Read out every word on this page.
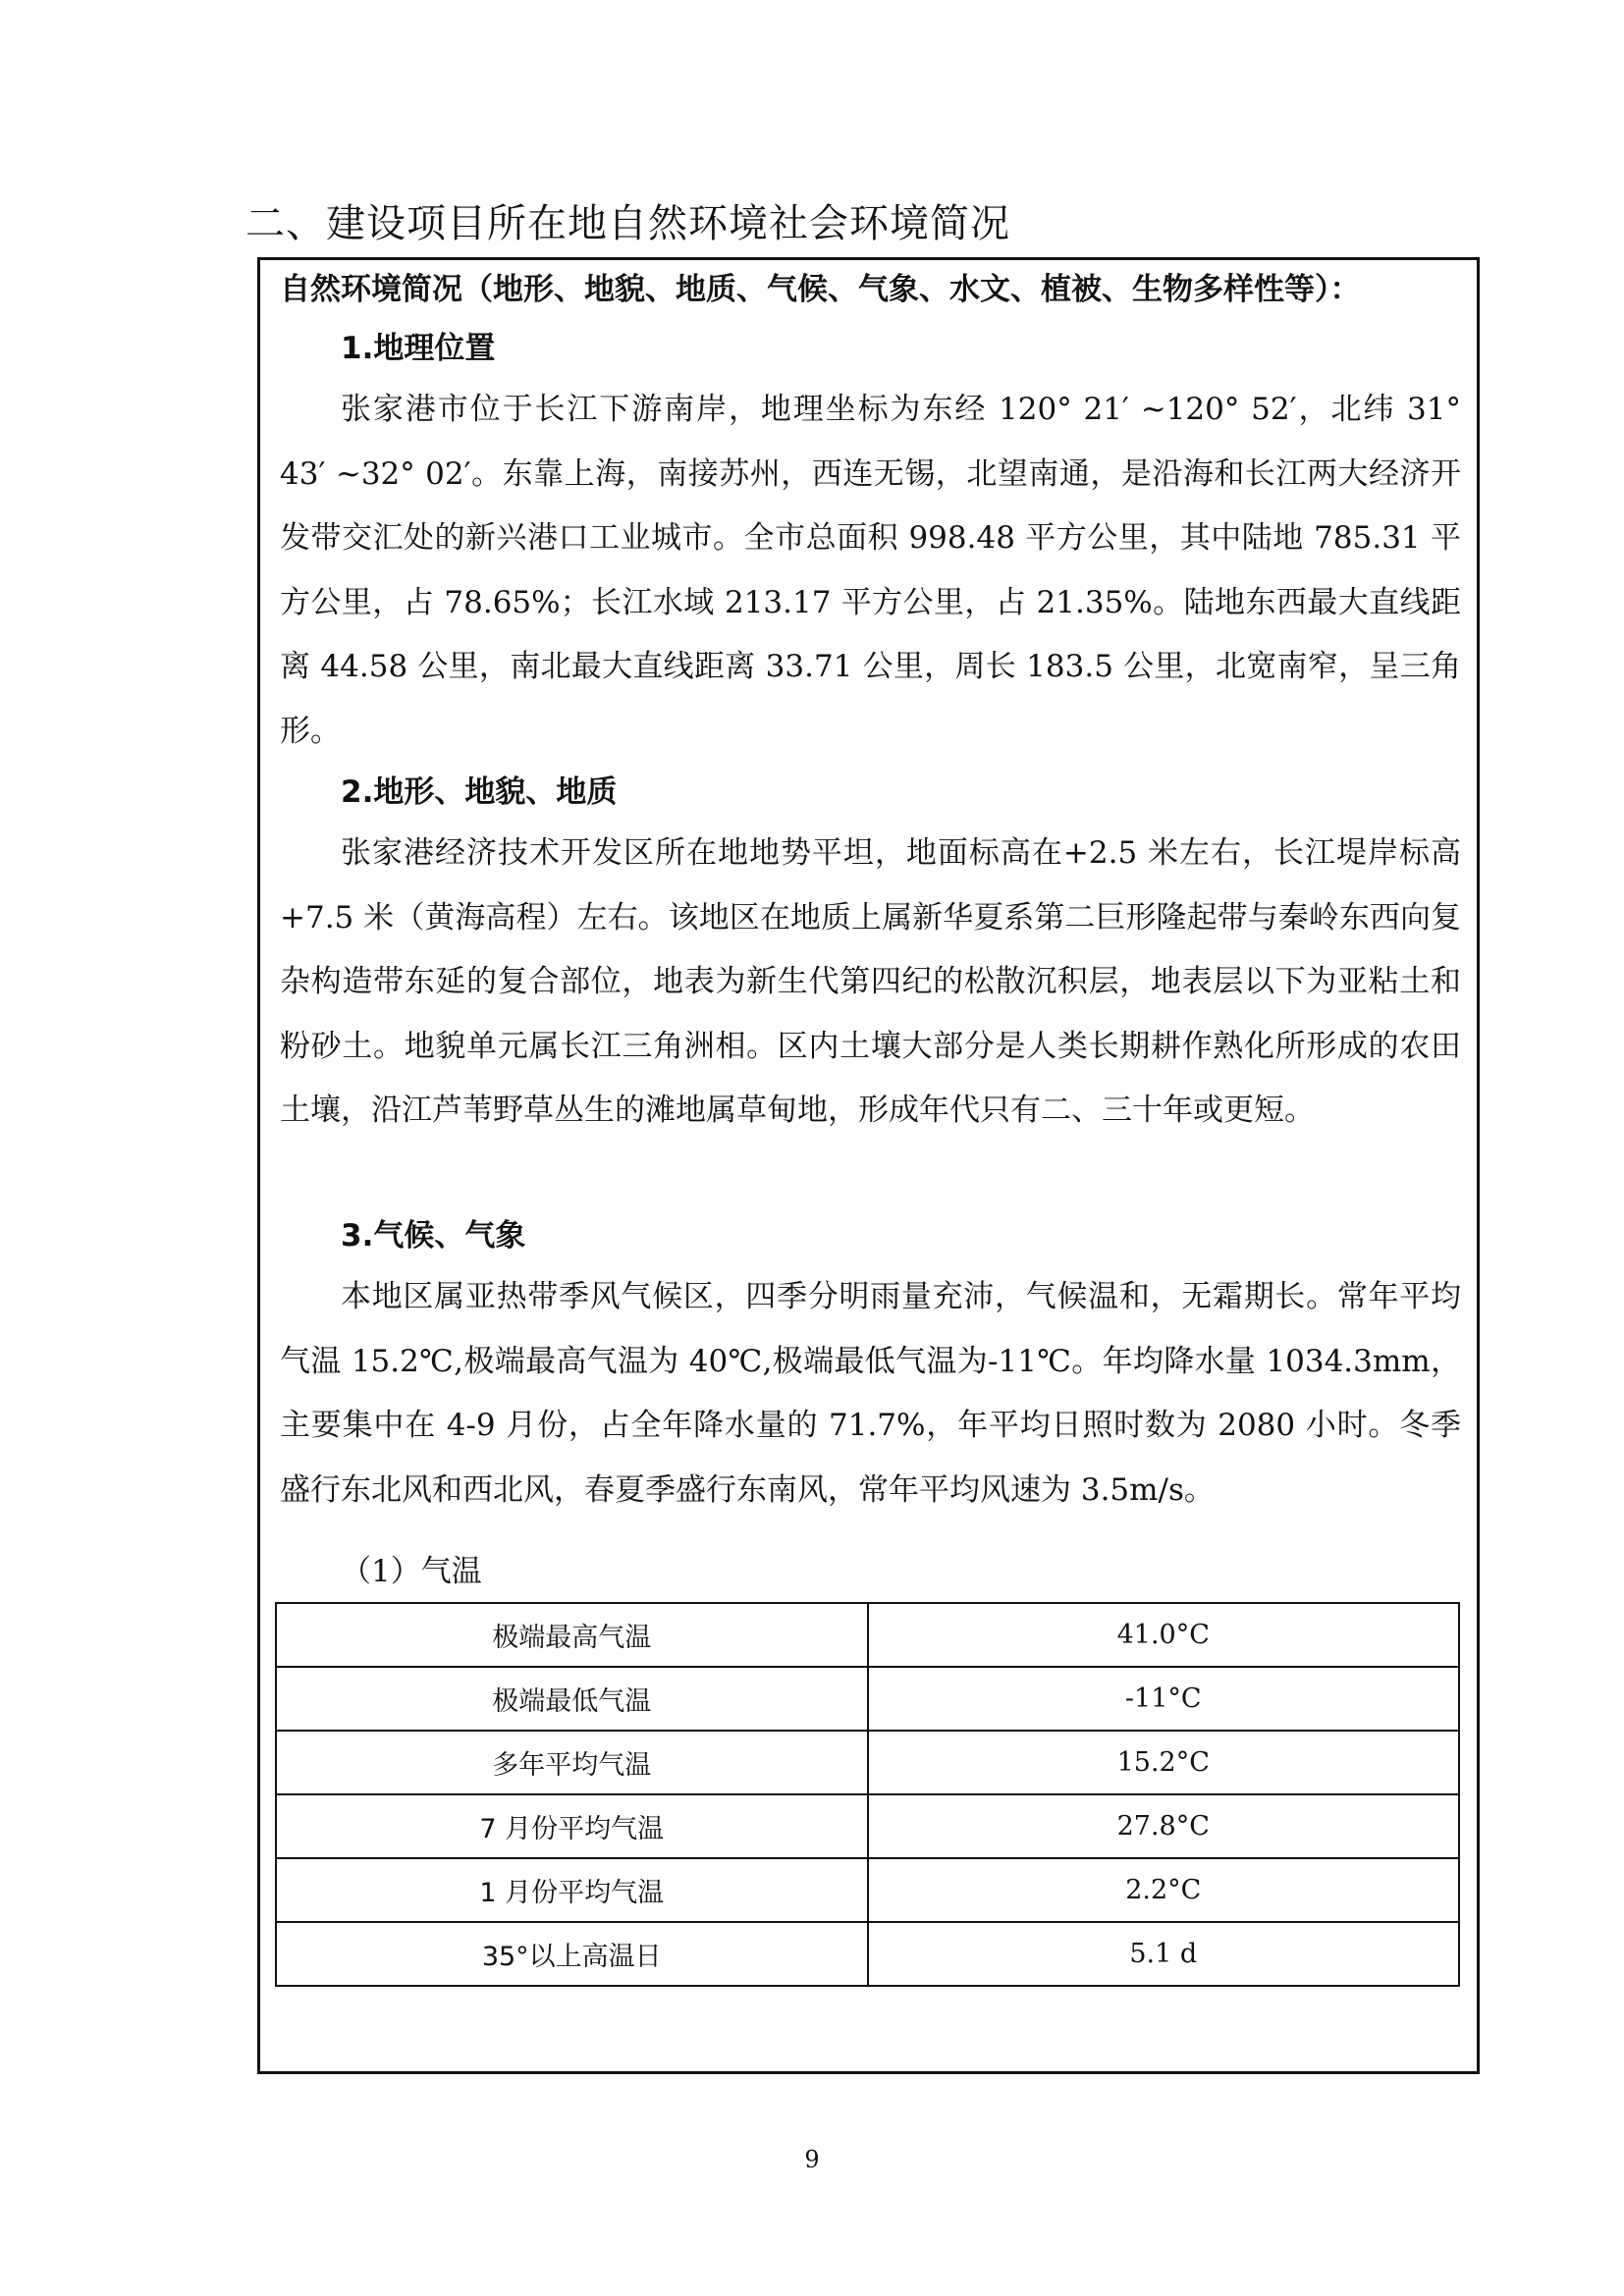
二、建设项目所在地自然环境社会环境简况
自然环境简况（地形、地貌、地质、气候、气象、水文、植被、生物多样性等）：
1.地理位置

张家港市位于长江下游南岸，地理坐标为东经 120° 21′ ~120° 52′，北纬 31° 43′ ~32° 02′。东靠上海，南接苏州，西连无锡，北望南通，是沿海和长江两大经济开发带交汇处的新兴港口工业城市。全市总面积 998.48 平方公里，其中陆地 785.31 平方公里，占 78.65%；长江水域 213.17 平方公里，占 21.35%。陆地东西最大直线距离 44.58 公里，南北最大直线距离 33.71 公里，周长 183.5 公里，北宽南窄，呈三角形。

2.地形、地貌、地质

张家港经济技术开发区所在地地势平坦，地面标高在+2.5 米左右，长江堤岸标高+7.5 米（黄海高程）左右。该地区在地质上属新华夏系第二巨形隆起带与秦岭东西向复杂构造带东延的复合部位，地表为新生代第四纪的松散沉积层，地表层以下为亚粘土和粉砂土。地貌单元属长江三角洲相。区内土壤大部分是人类长期耕作熟化所形成的农田土壤，沿江芦苇野草丛生的滩地属草甸地，形成年代只有二、三十年或更短。

3.气候、气象

本地区属亚热带季风气候区，四季分明雨量充沛，气候温和，无霜期长。常年平均气温 15.2℃,极端最高气温为 40℃,极端最低气温为-11℃。年均降水量 1034.3mm，主要集中在 4-9 月份，占全年降水量的 71.7%，年平均日照时数为 2080 小时。冬季盛行东北风和西北风，春夏季盛行东南风，常年平均风速为 3.5m/s。

（1）气温
极端最高气温	41.0°C
极端最低气温	-11°C
多年平均气温	15.2°C
7 月份平均气温	27.8°C
1 月份平均气温	2.2°C
35°以上高温日	5.1 d
9
